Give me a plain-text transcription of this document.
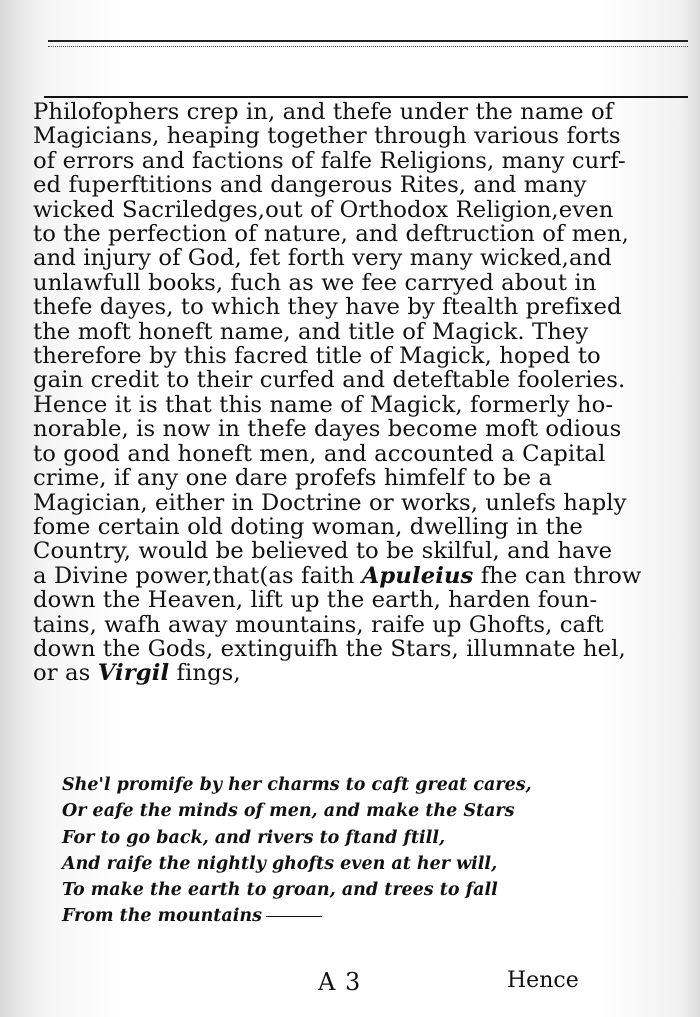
Philofophers crep in, and thefe under the name of
Magicians, heaping together through various forts
of errors and factions of falfe Religions, many curf-
ed fuperftitions and dangerous Rites, and many
wicked Sacriledges,out of Orthodox Religion,even
to the perfection of nature, and deftruction of men,
and injury of God, fet forth very many wicked,and
unlawfull books, fuch as we fee carryed about in
thefe dayes, to which they have by ftealth prefixed
the moft honeft name, and title of Magick. They
therefore by this facred title of Magick, hoped to
gain credit to their curfed and deteftable fooleries.
Hence it is that this name of Magick, formerly ho-
norable, is now in thefe dayes become moft odious
to good and honeft men, and accounted a Capital
crime, if any one dare profefs himfelf to be a
Magician, either in Doctrine or works, unlefs haply
fome certain old doting woman, dwelling in the
Country, would be believed to be skilful, and have
a Divine power,that(as faith Apuleius fhe can throw
down the Heaven, lift up the earth, harden foun-
tains, wafh away mountains, raife up Ghofts, caft
down the Gods, extinguifh the Stars, illumnate hel,
or as Virgil fings,
She'l promife by her charms to caft great cares,
Or eafe the minds of men, and make the Stars
For to go back, and rivers to ftand ftill,
And raife the nightly ghofts even at her will,
To make the earth to groan, and trees to fall
From the mountains
A 3	Hence
